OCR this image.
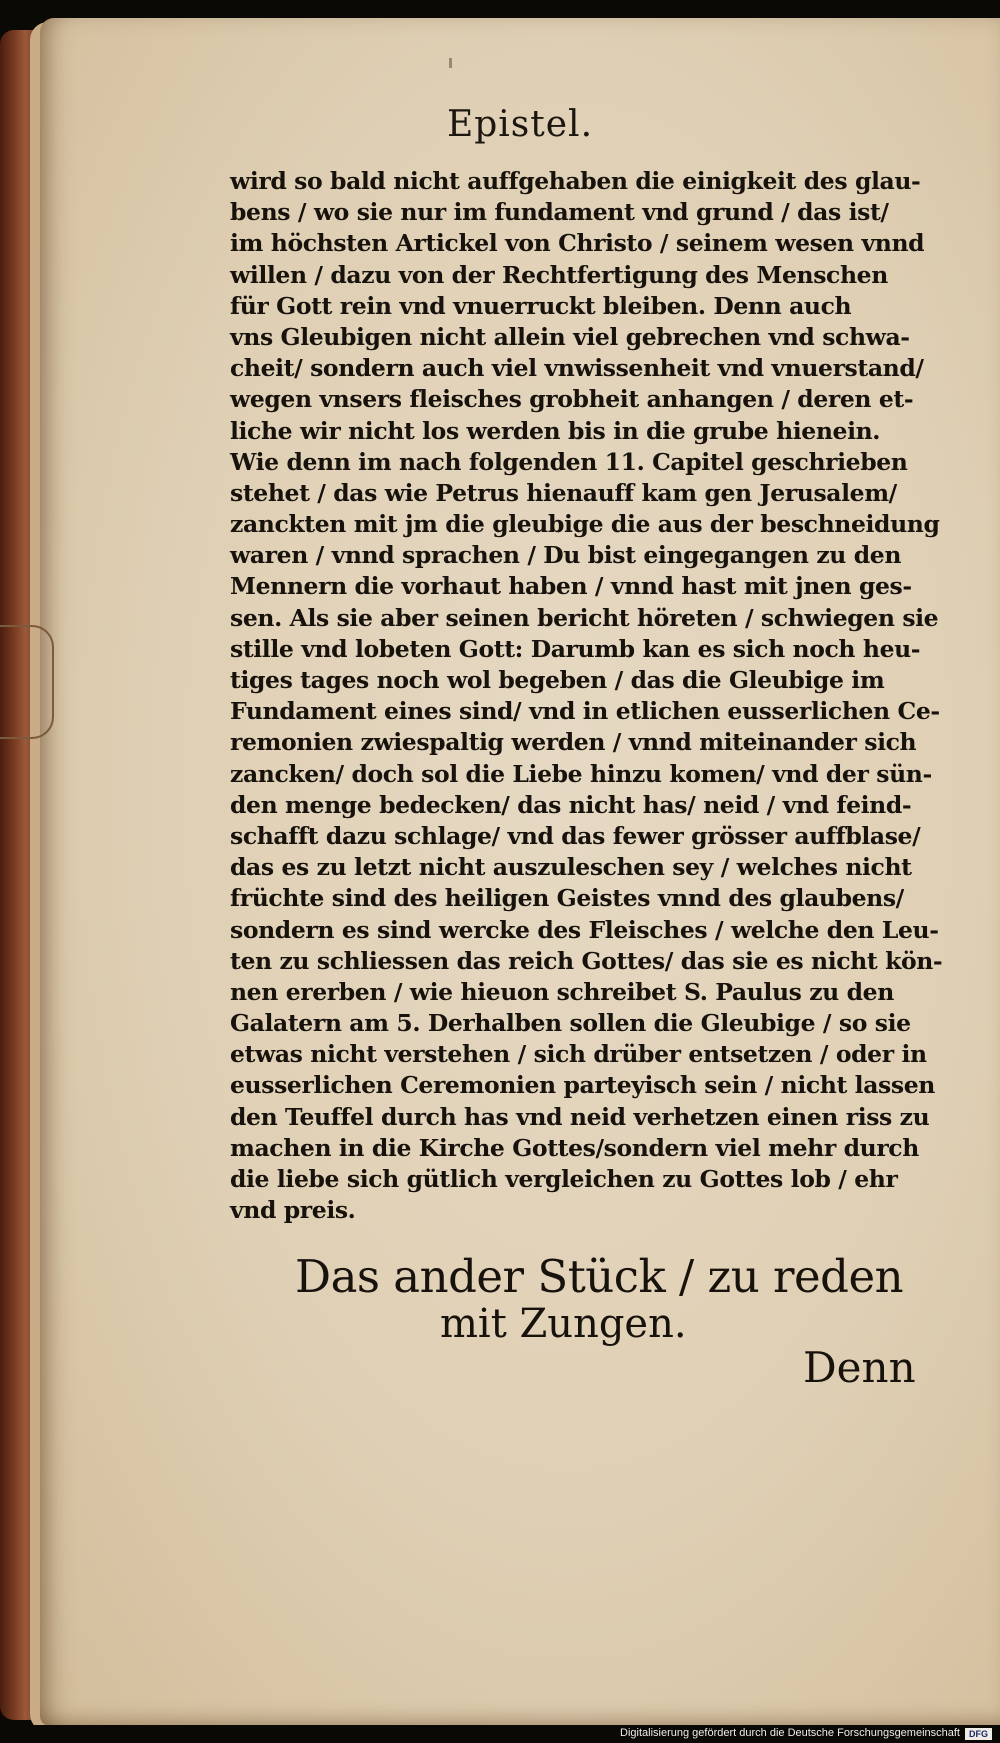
Epistel.
wird so bald nicht auffgehaben die einigkeit des glau-
bens / wo sie nur im fundament vnd grund / das ist/
im höchsten Artickel von Christo / seinem wesen vnnd
willen / dazu von der Rechtfertigung des Menschen
für Gott rein vnd vnuerruckt bleiben. Denn auch
vns Gleubigen nicht allein viel gebrechen vnd schwa-
cheit/ sondern auch viel vnwissenheit vnd vnuerstand/
wegen vnsers fleisches grobheit anhangen / deren et-
liche wir nicht los werden bis in die grube hienein.
Wie denn im nach folgenden 11. Capitel geschrieben
stehet / das wie Petrus hienauff kam gen Jerusalem/
zanckten mit jm die gleubige die aus der beschneidung
waren / vnnd sprachen / Du bist eingegangen zu den
Mennern die vorhaut haben / vnnd hast mit jnen ges-
sen. Als sie aber seinen bericht höreten / schwiegen sie
stille vnd lobeten Gott: Darumb kan es sich noch heu-
tiges tages noch wol begeben / das die Gleubige im
Fundament eines sind/ vnd in etlichen eusserlichen Ce-
remonien zwiespaltig werden / vnnd miteinander sich
zancken/ doch sol die Liebe hinzu komen/ vnd der sün-
den menge bedecken/ das nicht has/ neid / vnd feind-
schafft dazu schlage/ vnd das fewer grösser auffblase/
das es zu letzt nicht auszuleschen sey / welches nicht
früchte sind des heiligen Geistes vnnd des glaubens/
sondern es sind wercke des Fleisches / welche den Leu-
ten zu schliessen das reich Gottes/ das sie es nicht kön-
nen ererben / wie hieuon schreibet S. Paulus zu den
Galatern am 5. Derhalben sollen die Gleubige / so sie
etwas nicht verstehen / sich drüber entsetzen / oder in
eusserlichen Ceremonien parteyisch sein / nicht lassen
den Teuffel durch has vnd neid verhetzen einen riss zu
machen in die Kirche Gottes/sondern viel mehr durch
die liebe sich gütlich vergleichen zu Gottes lob / ehr
vnd preis.
Das ander Stück / zu reden
mit Zungen.
Denn
Digitalisierung gefördert durch die Deutsche Forschungsgemeinschaft	DFG
